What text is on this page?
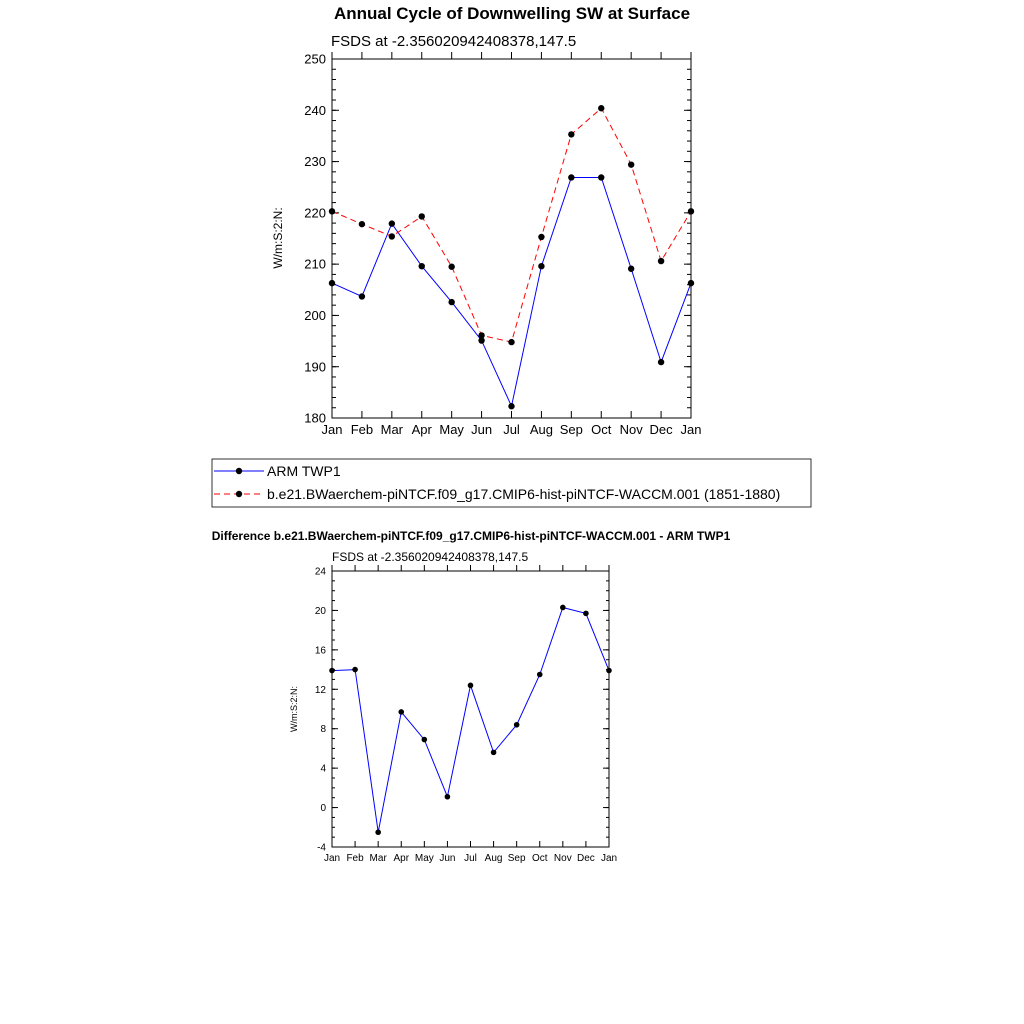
Annual Cycle of Downwelling SW at Surface
FSDS at -2.356020942408378,147.5
W/m:S:2:N:
180
190
200
210
220
230
240
250
Jan Feb Mar Apr May Jun Jul Aug Sep Oct Nov Dec Jan
ARM TWP1
b.e21.BWaerchem-piNTCF.f09_g17.CMIP6-hist-piNTCF-WACCM.001 (1851-1880)
Difference b.e21.BWaerchem-piNTCF.f09_g17.CMIP6-hist-piNTCF-WACCM.001 - ARM TWP1
FSDS at -2.356020942408378,147.5
W/m:S:2:N:
-4
0
4
8
12
16
20
24
Jan Feb Mar Apr May Jun Jul Aug Sep Oct Nov Dec Jan
